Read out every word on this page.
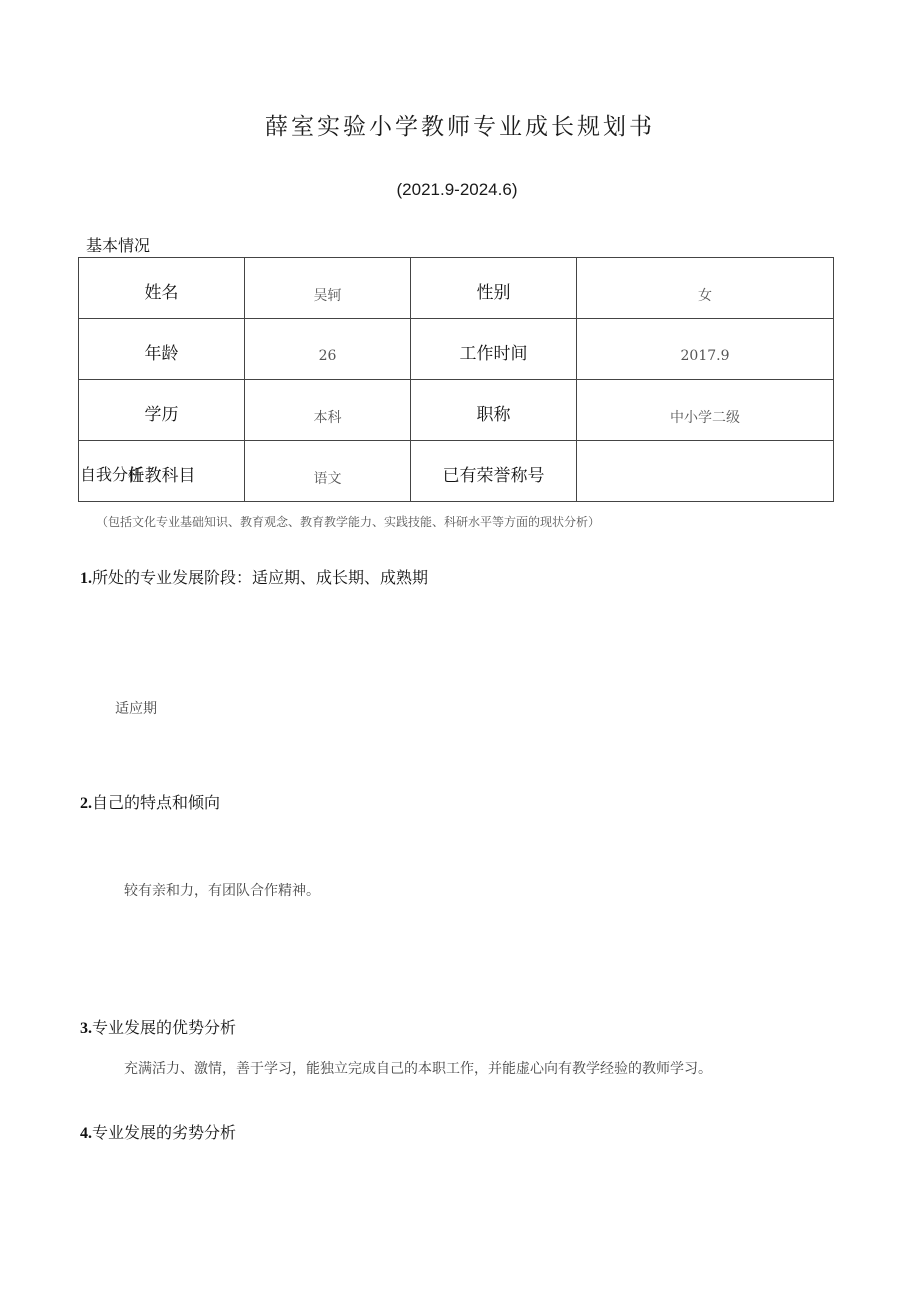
薛室实验小学教师专业成长规划书
(2021.9-2024.6)
基本情况
姓名	吴轲	性别	女
年龄	26	工作时间	2017.9
学历	本科	职称	中小学二级
任教科目	语文	已有荣誉称号	
自我分析
（包括文化专业基础知识、教育观念、教育教学能力、实践技能、科研水平等方面的现状分析）
1.所处的专业发展阶段：适应期、成长期、成熟期
适应期
2.自己的特点和倾向
较有亲和力，有团队合作精神。
3.专业发展的优势分析
充满活力、激情，善于学习，能独立完成自己的本职工作，并能虚心向有教学经验的教师学习。
4.专业发展的劣势分析
